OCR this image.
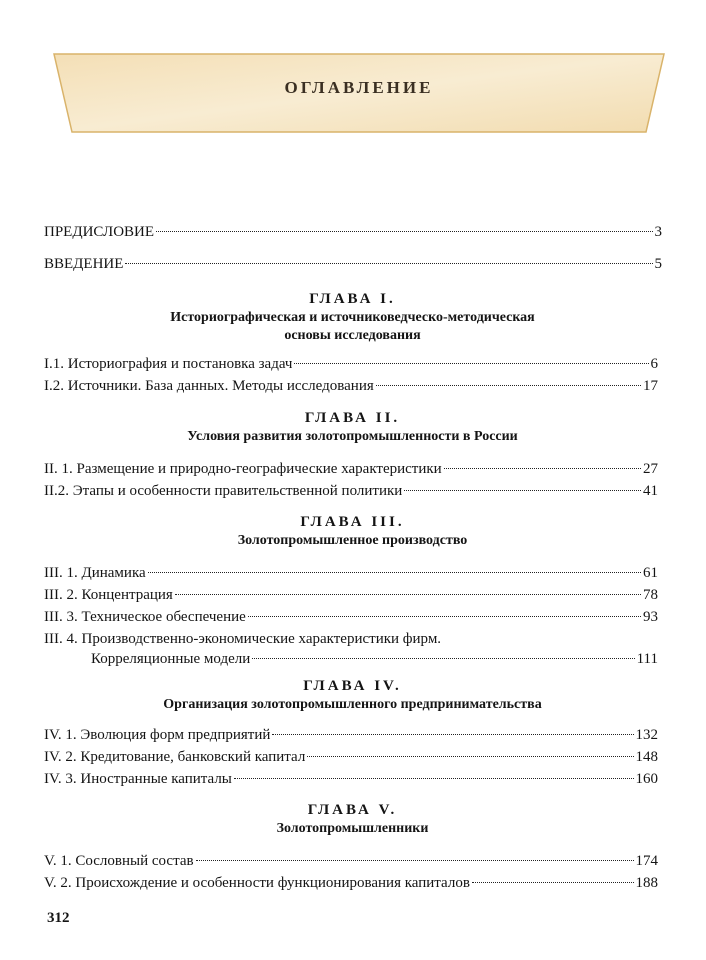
ОГЛАВЛЕНИЕ
ПРЕДИСЛОВИЕ	3
ВВЕДЕНИЕ	5
ГЛАВА I.
Историографическая и источниковедческо-методическая
основы исследования
I.1. Историография и постановка задач	6
I.2. Источники. База данных. Методы исследования	17
ГЛАВА II.
Условия развития золотопромышленности в России
II. 1. Размещение и природно-географические характеристики	27
II.2. Этапы и особенности правительственной политики	41
ГЛАВА III.
Золотопромышленное производство
III. 1. Динамика	61
III. 2. Концентрация	78
III. 3. Техническое обеспечение	93
III. 4. Производственно-экономические характеристики фирм.
Корреляционные модели	111
ГЛАВА IV.
Организация золотопромышленного предпринимательства
IV. 1. Эволюция форм предприятий	132
IV. 2. Кредитование, банковский капитал	148
IV. 3. Иностранные капиталы	160
ГЛАВА V.
Золотопромышленники
V. 1. Сословный состав	174
V. 2. Происхождение и особенности функционирования капиталов	188
312
